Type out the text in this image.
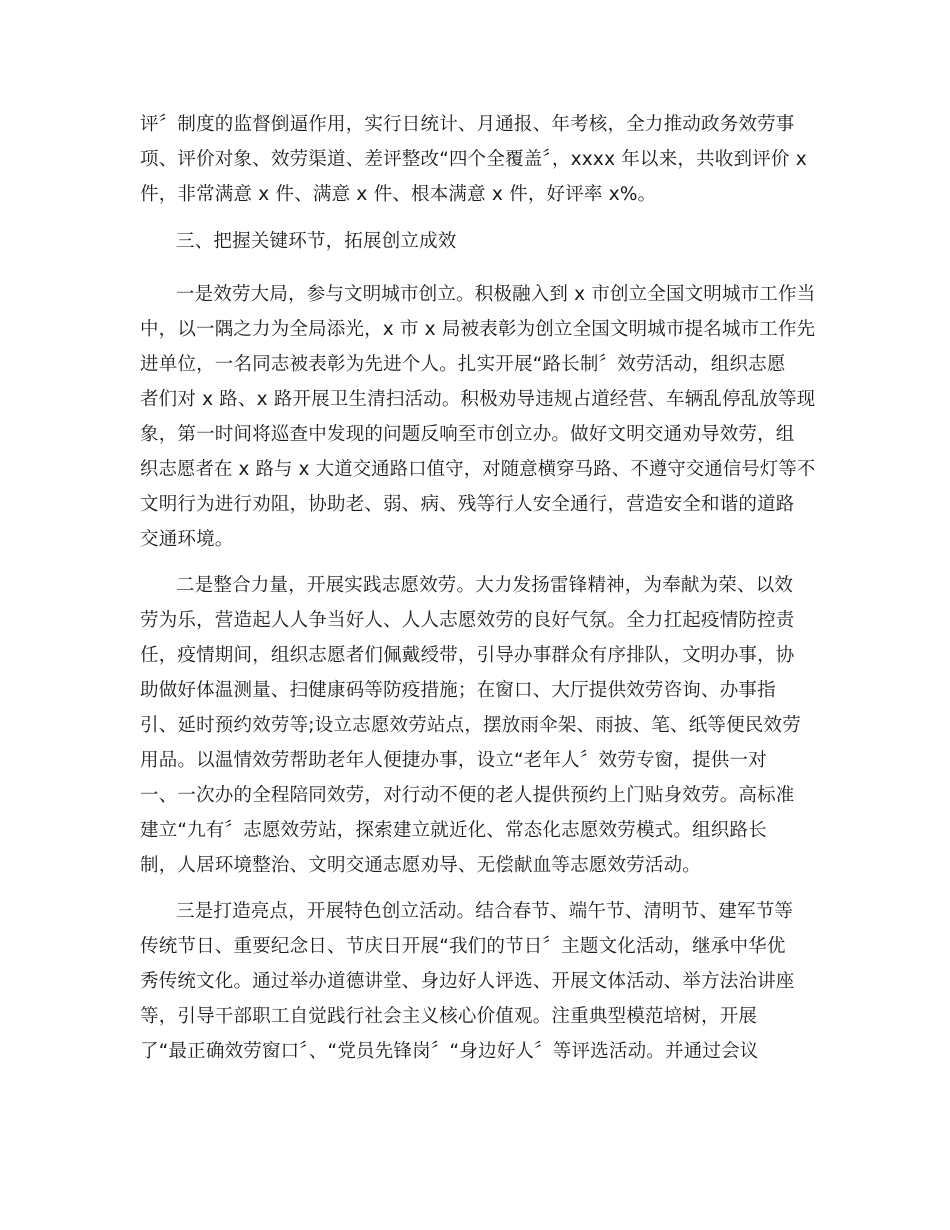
评〞制度的监督倒逼作用，实行日统计、月通报、年考核，全力推动政务效劳事
项、评价对象、效劳渠道、差评整改“四个全覆盖〞，xxxx 年以来，共收到评价 x
件，非常满意 x 件、满意 x 件、根本满意 x 件，好评率 x%。
三、把握关键环节，拓展创立成效
一是效劳大局，参与文明城市创立。积极融入到 x 市创立全国文明城市工作当
中，以一隅之力为全局添光，x 市 x 局被表彰为创立全国文明城市提名城市工作先
进单位，一名同志被表彰为先进个人。扎实开展“路长制〞效劳活动，组织志愿
者们对 x 路、x 路开展卫生清扫活动。积极劝导违规占道经营、车辆乱停乱放等现
象，第一时间将巡查中发现的问题反响至市创立办。做好文明交通劝导效劳，组
织志愿者在 x 路与 x 大道交通路口值守，对随意横穿马路、不遵守交通信号灯等不
文明行为进行劝阻，协助老、弱、病、残等行人安全通行，营造安全和谐的道路
交通环境。
二是整合力量，开展实践志愿效劳。大力发扬雷锋精神，为奉献为荣、以效
劳为乐，营造起人人争当好人、人人志愿效劳的良好气氛。全力扛起疫情防控责
任，疫情期间，组织志愿者们佩戴绶带，引导办事群众有序排队，文明办事，协
助做好体温测量、扫健康码等防疫措施；在窗口、大厅提供效劳咨询、办事指
引、延时预约效劳等;设立志愿效劳站点，摆放雨伞架、雨披、笔、纸等便民效劳
用品。以温情效劳帮助老年人便捷办事，设立“老年人〞效劳专窗，提供一对
一、一次办的全程陪同效劳，对行动不便的老人提供预约上门贴身效劳。高标准
建立“九有〞志愿效劳站，探索建立就近化、常态化志愿效劳模式。组织路长
制，人居环境整治、文明交通志愿劝导、无偿献血等志愿效劳活动。
三是打造亮点，开展特色创立活动。结合春节、端午节、清明节、建军节等
传统节日、重要纪念日、节庆日开展“我们的节日〞主题文化活动，继承中华优
秀传统文化。通过举办道德讲堂、身边好人评选、开展文体活动、举方法治讲座
等，引导干部职工自觉践行社会主义核心价值观。注重典型模范培树，开展
了“最正确效劳窗口〞、“党员先锋岗〞“身边好人〞等评选活动。并通过会议
